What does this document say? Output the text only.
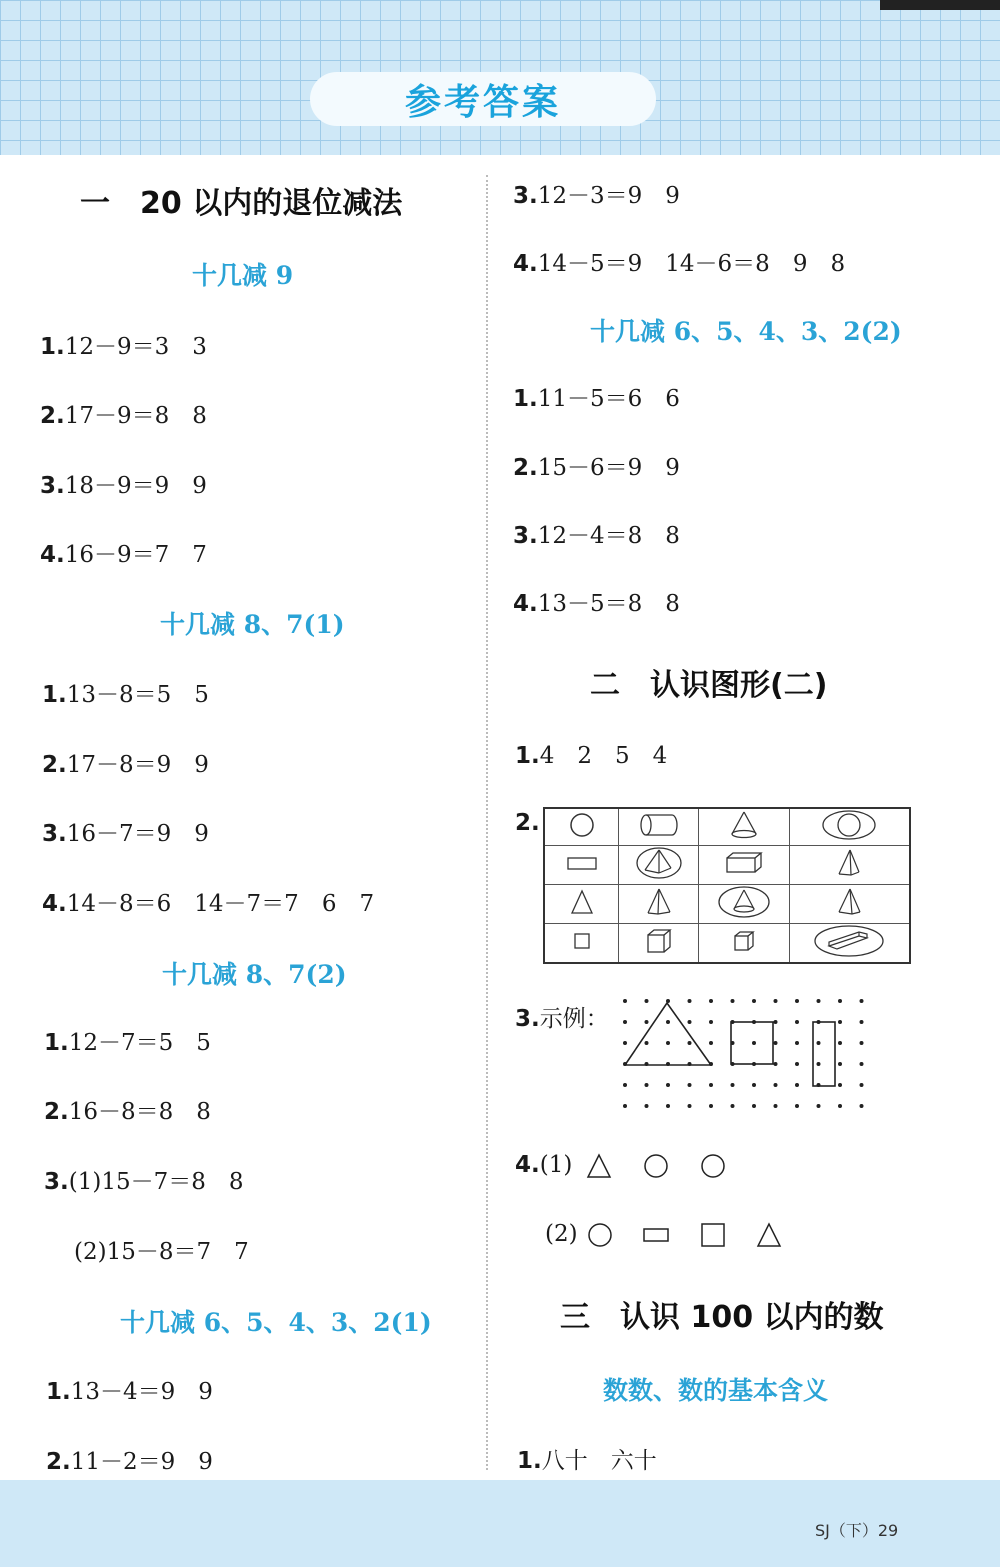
参考答案
SJ（下）29
一　20 以内的退位减法
十几减 9
1.12－9＝3　3
2.17－9＝8　8
3.18－9＝9　9
4.16－9＝7　7
十几减 8、7(1)
1.13－8＝5　5
2.17－8＝9　9
3.16－7＝9　9
4.14－8＝6　14－7＝7　6　7
十几减 8、7(2)
1.12－7＝5　5
2.16－8＝8　8
3.(1)15－7＝8　8
(2)15－8＝7　7
十几减 6、5、4、3、2(1)
1.13－4＝9　9
2.11－2＝9　9
3.12－3＝9　9
4.14－5＝9　14－6＝8　9　8
十几减 6、5、4、3、2(2)
1.11－5＝6　6
2.15－6＝9　9
3.12－4＝8　8
4.13－5＝8　8
二　认识图形(二)
1.4　2　5　4
2.

3.示例：
4.(1)
(2)
三　认识 100 以内的数
数数、数的基本含义
1.八十　六十
